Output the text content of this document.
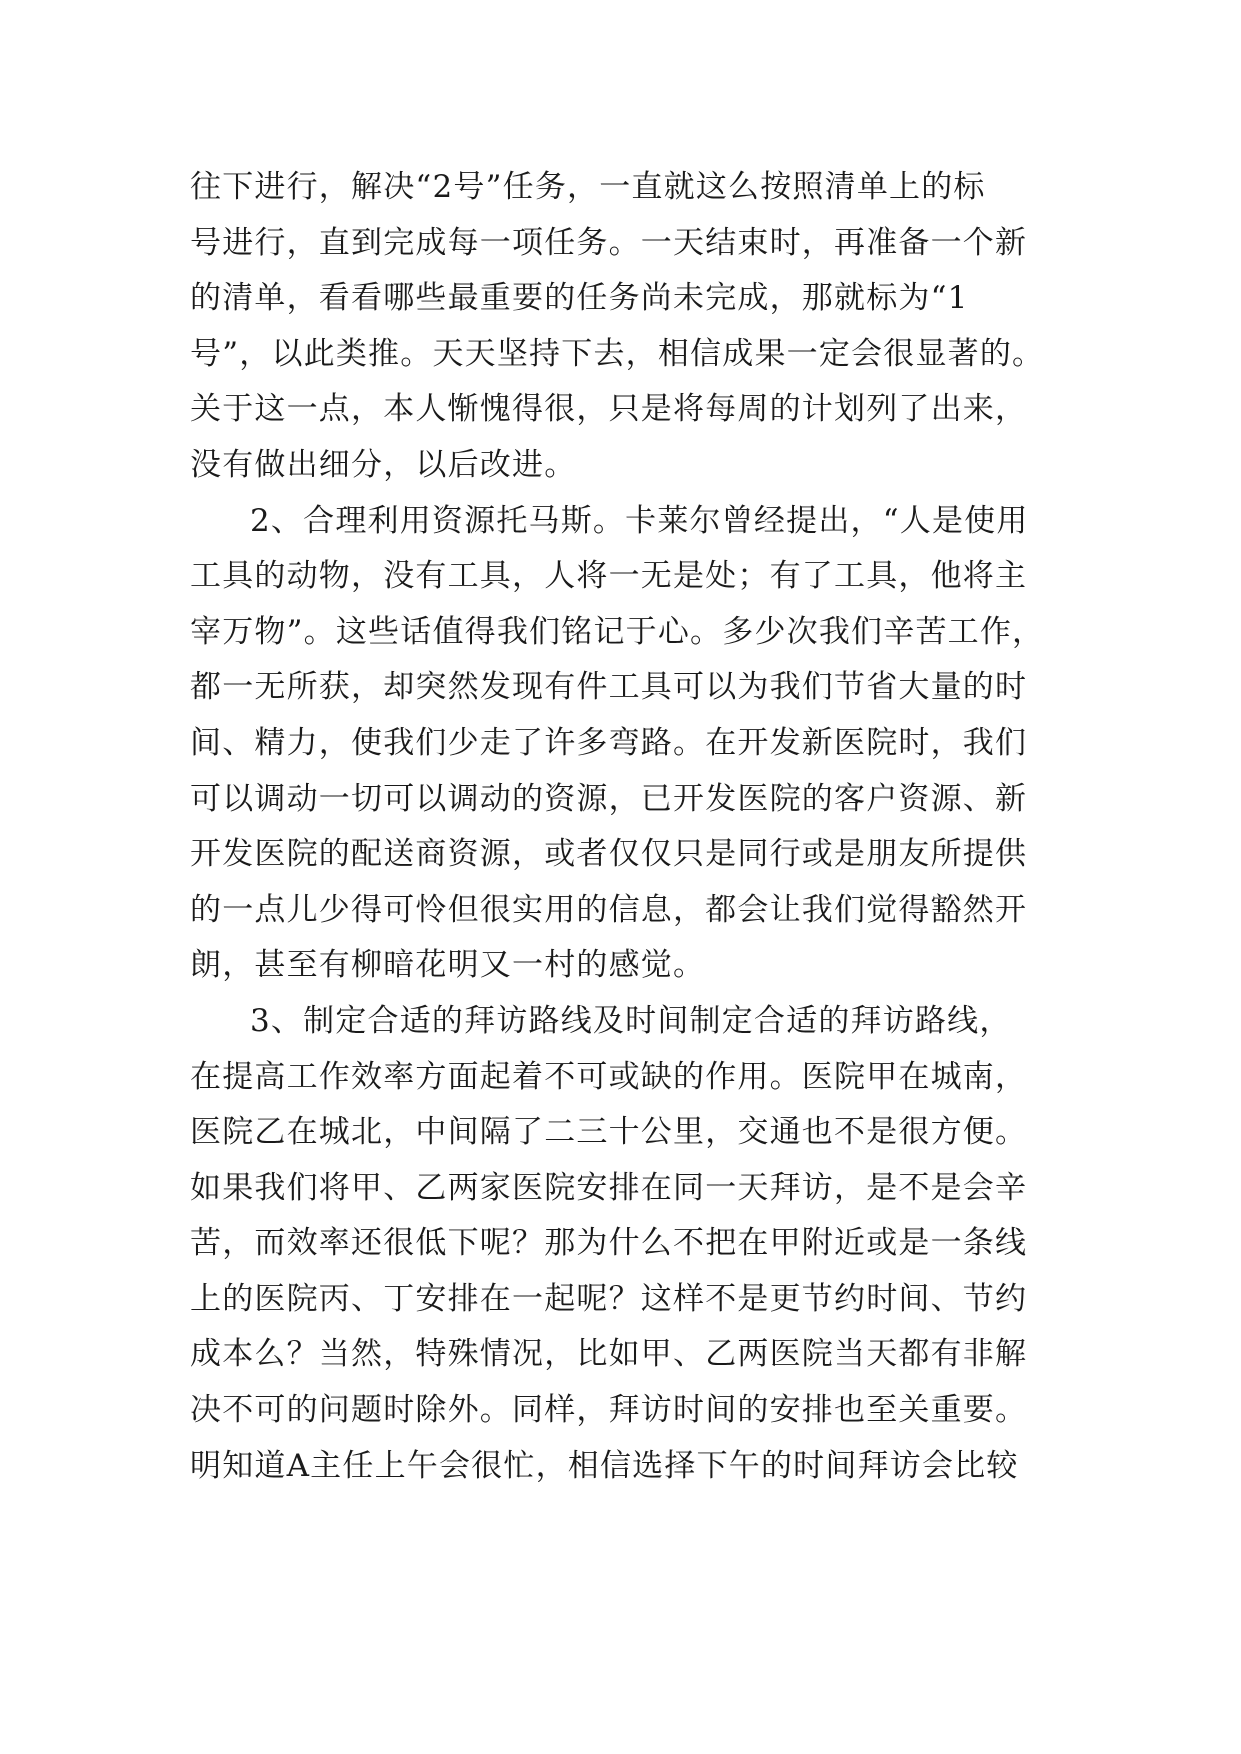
往下进行，解决“2号”任务，一直就这么按照清单上的标
号进行，直到完成每一项任务。一天结束时，再准备一个新
的清单，看看哪些最重要的任务尚未完成，那就标为“1
号”，以此类推。天天坚持下去，相信成果一定会很显著的。
关于这一点，本人惭愧得很，只是将每周的计划列了出来，
没有做出细分，以后改进。
2、合理利用资源托马斯。卡莱尔曾经提出，“人是使用
工具的动物，没有工具，人将一无是处；有了工具，他将主
宰万物”。这些话值得我们铭记于心。多少次我们辛苦工作，
都一无所获，却突然发现有件工具可以为我们节省大量的时
间、精力，使我们少走了许多弯路。在开发新医院时，我们
可以调动一切可以调动的资源，已开发医院的客户资源、新
开发医院的配送商资源，或者仅仅只是同行或是朋友所提供
的一点儿少得可怜但很实用的信息，都会让我们觉得豁然开
朗，甚至有柳暗花明又一村的感觉。
3、制定合适的拜访路线及时间制定合适的拜访路线，
在提高工作效率方面起着不可或缺的作用。医院甲在城南，
医院乙在城北，中间隔了二三十公里，交通也不是很方便。
如果我们将甲、乙两家医院安排在同一天拜访，是不是会辛
苦，而效率还很低下呢？那为什么不把在甲附近或是一条线
上的医院丙、丁安排在一起呢？这样不是更节约时间、节约
成本么？当然，特殊情况，比如甲、乙两医院当天都有非解
决不可的问题时除外。同样，拜访时间的安排也至关重要。
明知道A主任上午会很忙，相信选择下午的时间拜访会比较
